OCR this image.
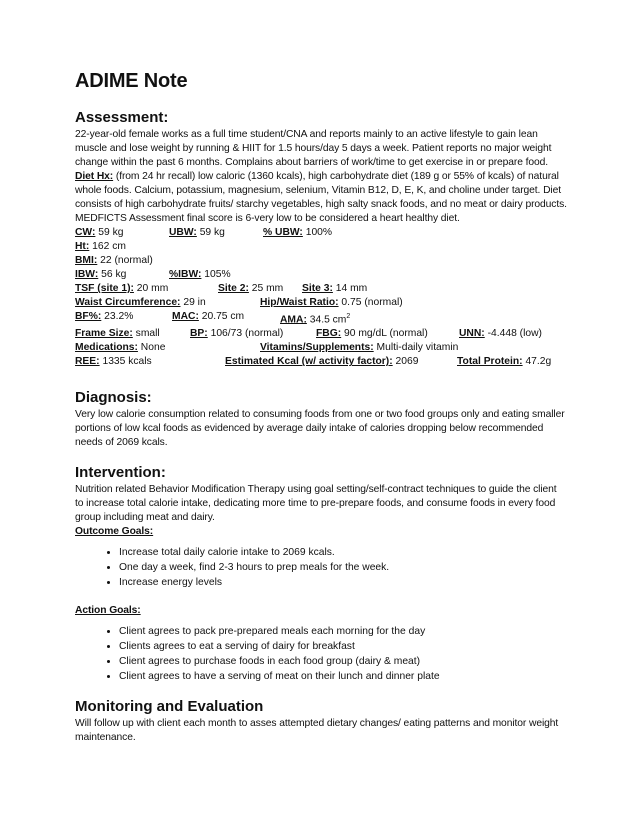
ADIME Note
Assessment:

22-year-old female works as a full time student/CNA and reports mainly to an active lifestyle to gain lean muscle and lose weight by running & HIIT for 1.5 hours/day 5 days a week. Patient reports no major weight change within the past 6 months. Complains about barriers of work/time to get exercise in or prepare food.

Diet Hx: (from 24 hr recall) low caloric (1360 kcals), high carbohydrate diet (189 g or 55% of kcals) of natural whole foods. Calcium, potassium, magnesium, selenium, Vitamin B12, D, E, K, and choline under target. Diet consists of high carbohydrate fruits/ starchy vegetables, high salty snack foods, and no meat or dairy products. MEDFICTS Assessment final score is 6-very low to be considered a heart healthy diet.

CW: 59 kg	UBW: 59 kg	% UBW: 100%
Ht: 162 cm
BMI: 22 (normal)
IBW: 56 kg	%IBW: 105%
TSF (site 1): 20 mm	Site 2: 25 mm	Site 3: 14 mm
Waist Circumference: 29 in	Hip/Waist Ratio: 0.75 (normal)
BF%: 23.2%	MAC: 20.75 cm	AMA: 34.5 $cm^2$
Frame Size: small	BP: 106/73 (normal)	FBG: 90 mg/dL (normal)	UNN: -4.448 (low)
Medications: None	Vitamins/Supplements: Multi-daily vitamin
REE: 1335 kcals	Estimated Kcal (w/ activity factor): 2069	Total Protein: 47.2g
Diagnosis:

Very low calorie consumption related to consuming foods from one or two food groups only and eating smaller portions of low kcal foods as evidenced by average daily intake of calories dropping below recommended needs of 2069 kcals.

Intervention:

Nutrition related Behavior Modification Therapy using goal setting/self-contract techniques to guide the client to increase total calorie intake, dedicating more time to pre-prepare foods, and consume foods in every food group including meat and dairy.

Outcome Goals:

• Increase total daily calorie intake to 2069 kcals.
• One day a week, find 2-3 hours to prep meals for the week.
• Increase energy levels

Action Goals:

• Client agrees to pack pre-prepared meals each morning for the day
• Clients agrees to eat a serving of dairy for breakfast
• Client agrees to purchase foods in each food group (dairy & meat)
• Client agrees to have a serving of meat on their lunch and dinner plate
Monitoring and Evaluation

Will follow up with client each month to asses attempted dietary changes/ eating patterns and monitor weight maintenance.
